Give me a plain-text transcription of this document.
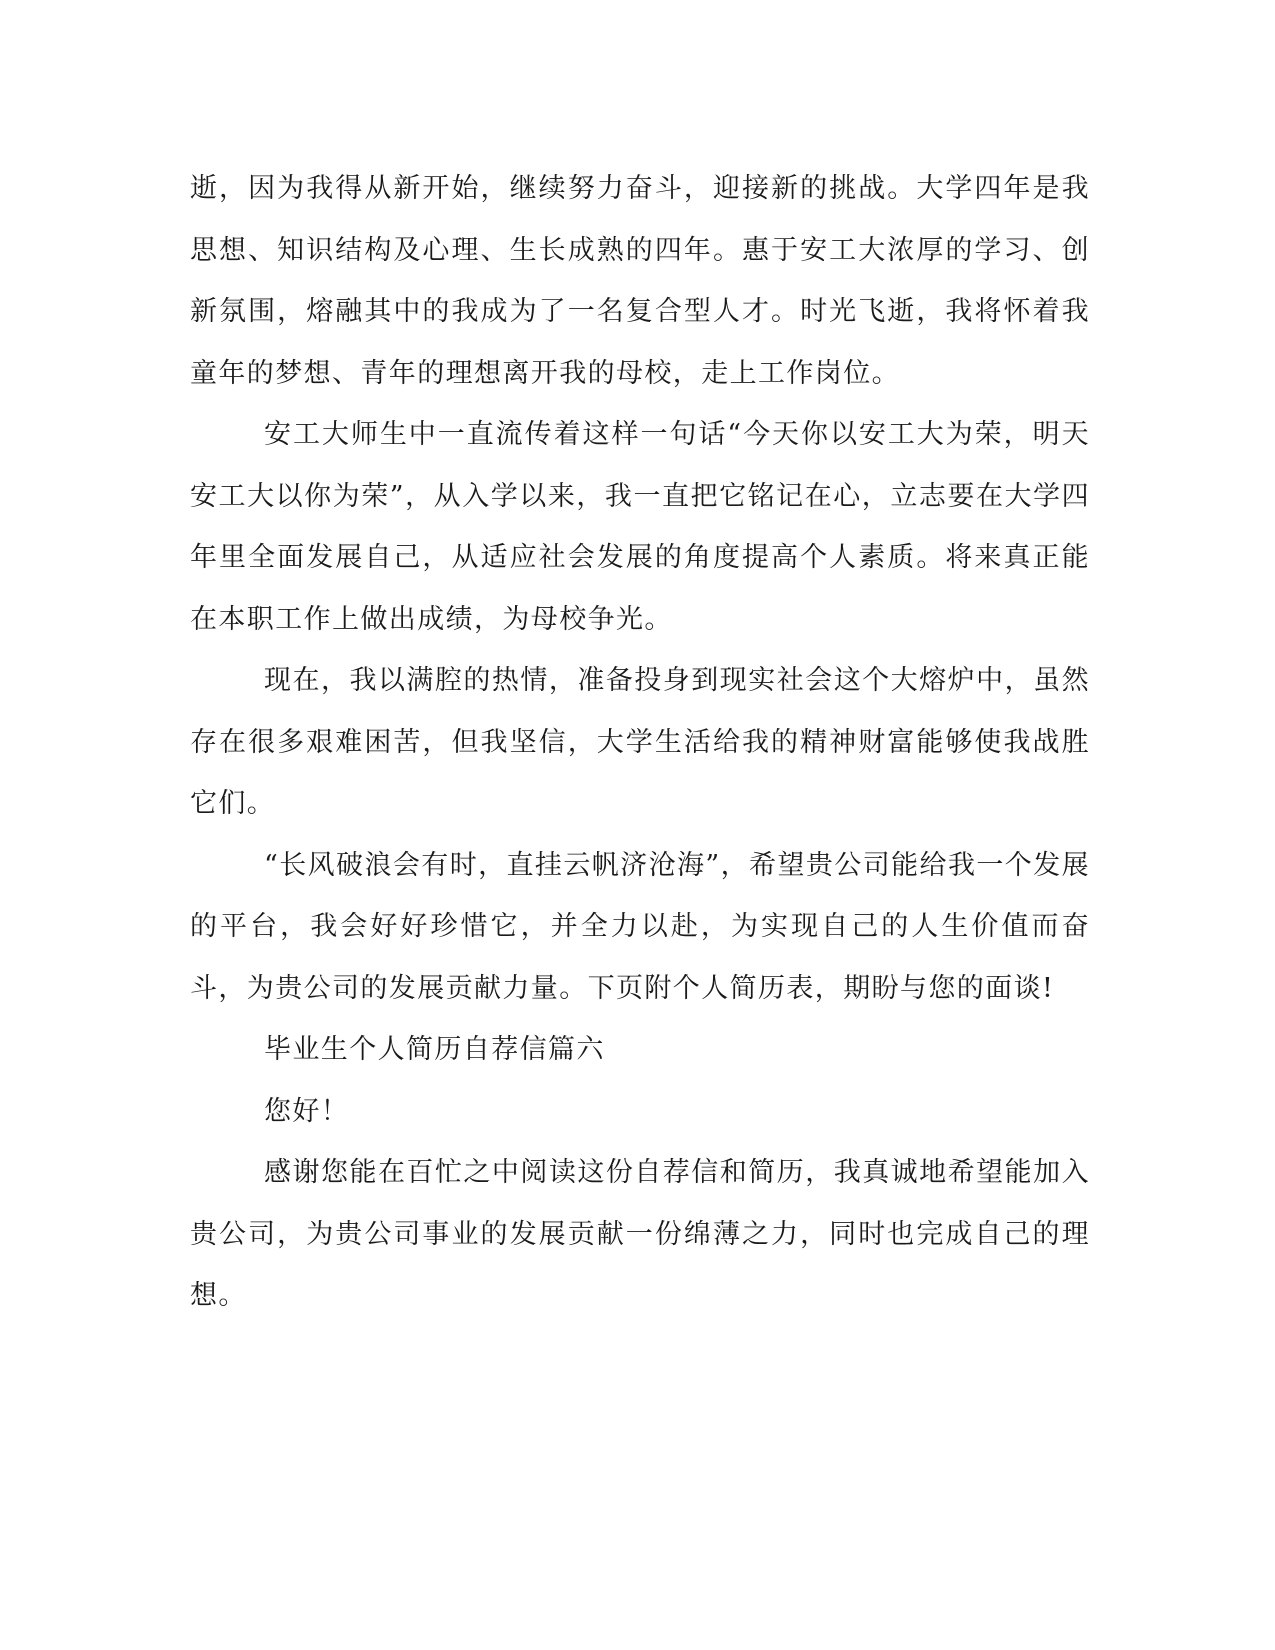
逝，因为我得从新开始，继续努力奋斗，迎接新的挑战。大学四年是我思想、知识结构及心理、生长成熟的四年。惠于安工大浓厚的学习、创新氛围，熔融其中的我成为了一名复合型人才。时光飞逝，我将怀着我童年的梦想、青年的理想离开我的母校，走上工作岗位。

安工大师生中一直流传着这样一句话“今天你以安工大为荣，明天安工大以你为荣”，从入学以来，我一直把它铭记在心，立志要在大学四年里全面发展自己，从适应社会发展的角度提高个人素质。将来真正能在本职工作上做出成绩，为母校争光。

现在，我以满腔的热情，准备投身到现实社会这个大熔炉中，虽然存在很多艰难困苦，但我坚信，大学生活给我的精神财富能够使我战胜它们。

“长风破浪会有时，直挂云帆济沧海”，希望贵公司能给我一个发展的平台，我会好好珍惜它，并全力以赴，为实现自己的人生价值而奋斗，为贵公司的发展贡献力量。下页附个人简历表，期盼与您的面谈!

毕业生个人简历自荐信篇六

您好！

感谢您能在百忙之中阅读这份自荐信和简历，我真诚地希望能加入贵公司，为贵公司事业的发展贡献一份绵薄之力，同时也完成自己的理想。
